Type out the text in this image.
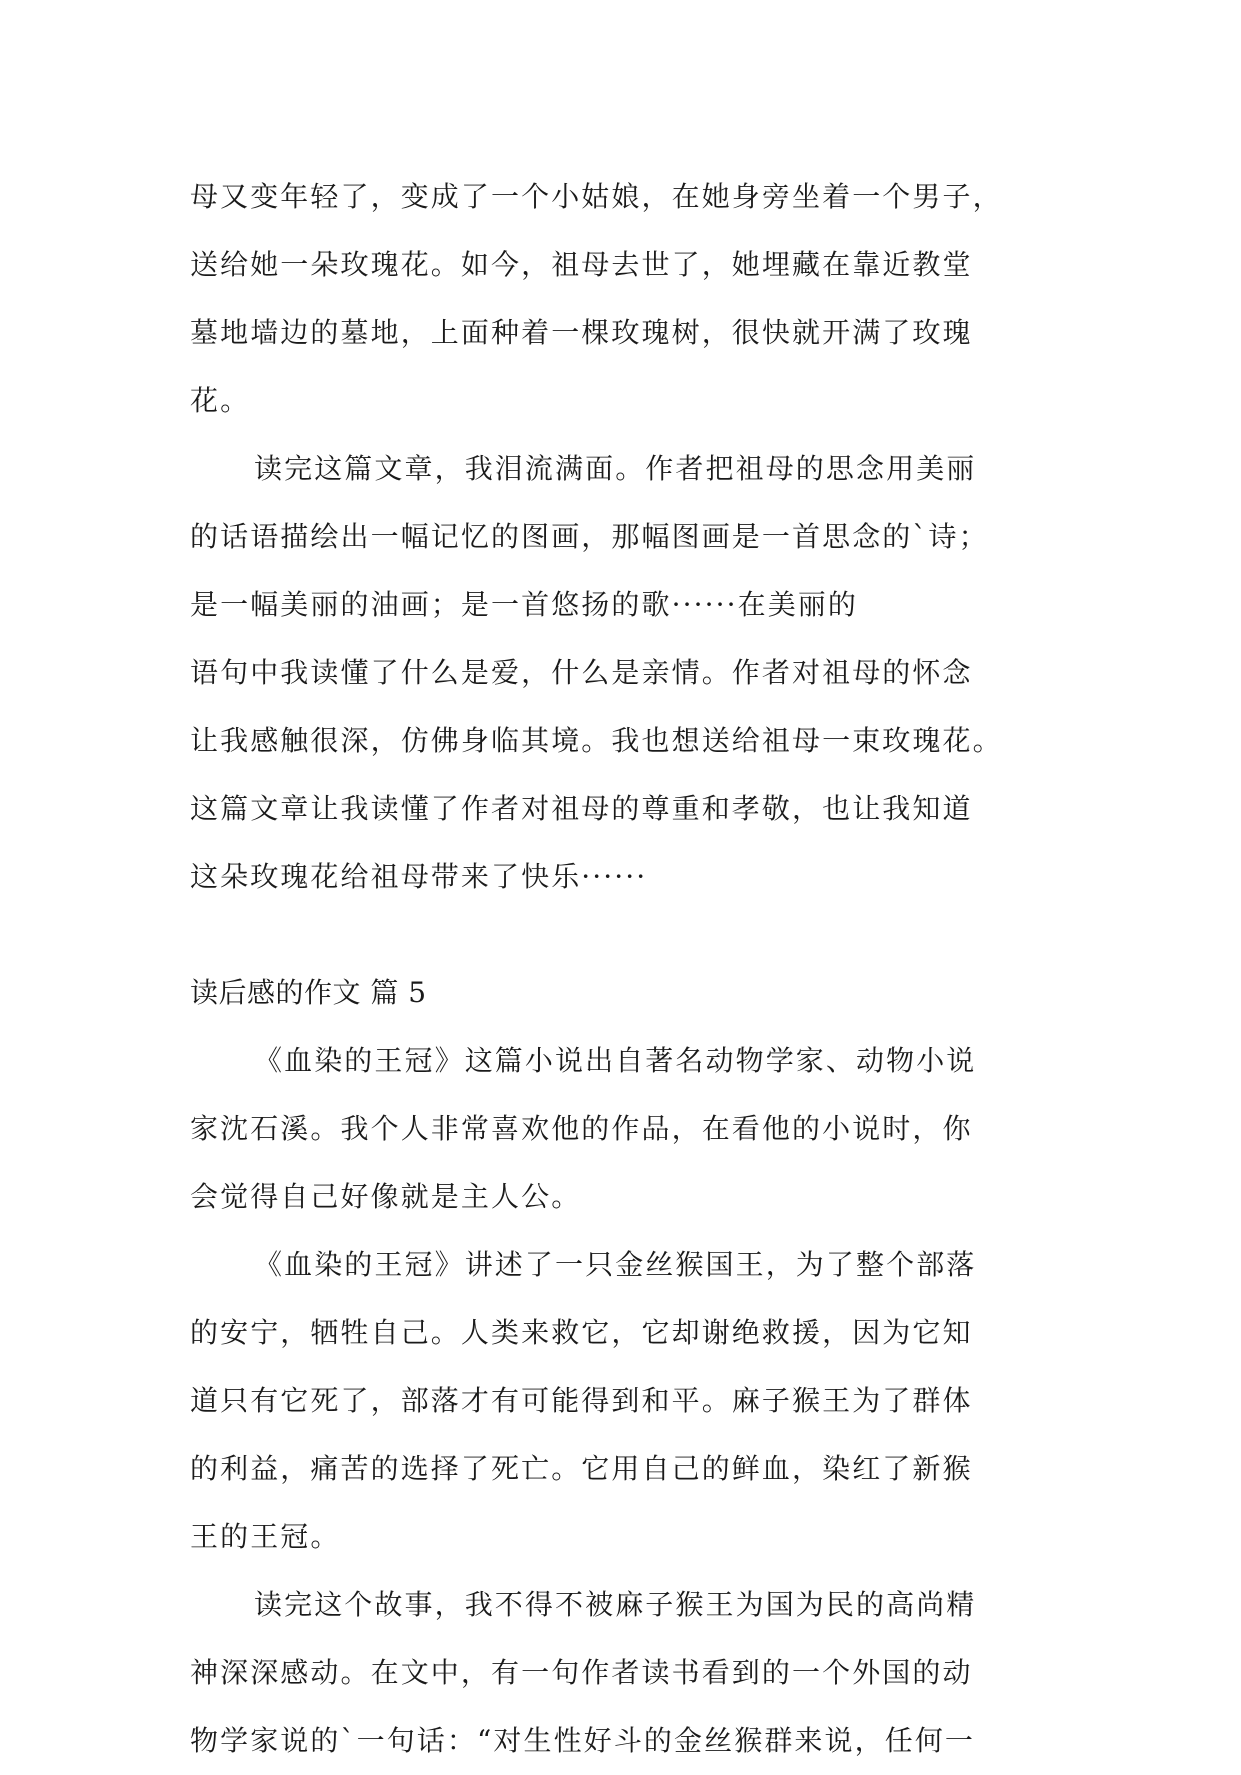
母又变年轻了，变成了一个小姑娘，在她身旁坐着一个男子，
送给她一朵玫瑰花。如今，祖母去世了，她埋藏在靠近教堂
墓地墙边的墓地，上面种着一棵玫瑰树，很快就开满了玫瑰
花。
读完这篇文章，我泪流满面。作者把祖母的思念用美丽
的话语描绘出一幅记忆的图画，那幅图画是一首思念的`诗；
是一幅美丽的油画；是一首悠扬的歌······在美丽的
语句中我读懂了什么是爱，什么是亲情。作者对祖母的怀念
让我感触很深，仿佛身临其境。我也想送给祖母一束玫瑰花。
这篇文章让我读懂了作者对祖母的尊重和孝敬，也让我知道
这朵玫瑰花给祖母带来了快乐······
读后感的作文 篇 5
《血染的王冠》这篇小说出自著名动物学家、动物小说
家沈石溪。我个人非常喜欢他的作品，在看他的小说时，你
会觉得自己好像就是主人公。
《血染的王冠》讲述了一只金丝猴国王，为了整个部落
的安宁，牺牲自己。人类来救它，它却谢绝救援，因为它知
道只有它死了，部落才有可能得到和平。麻子猴王为了群体
的利益，痛苦的选择了死亡。它用自己的鲜血，染红了新猴
王的王冠。
读完这个故事，我不得不被麻子猴王为国为民的高尚精
神深深感动。在文中，有一句作者读书看到的一个外国的动
物学家说的`一句话：“对生性好斗的金丝猴群来说，任何一
